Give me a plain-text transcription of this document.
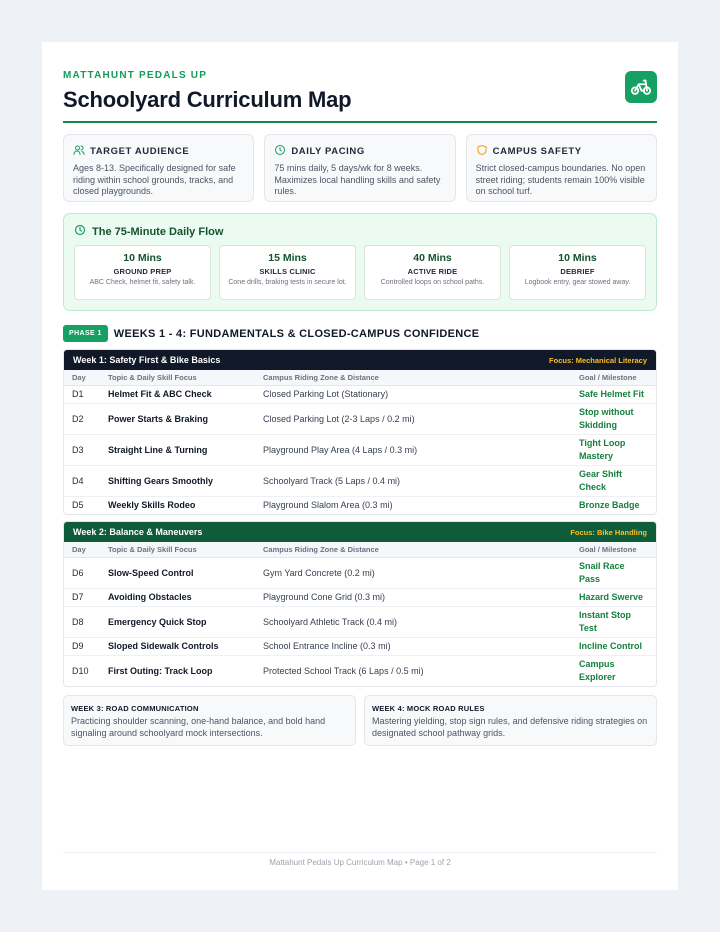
MATTAHUNT PEDALS UP
Schoolyard Curriculum Map
TARGET AUDIENCE
Ages 8-13. Specifically designed for safe riding within school grounds, tracks, and closed playgrounds.
DAILY PACING
75 mins daily, 5 days/wk for 8 weeks. Maximizes local handling skills and safety rules.
CAMPUS SAFETY
Strict closed-campus boundaries. No open street riding; students remain 100% visible on school turf.
The 75-Minute Daily Flow
10 Mins
GROUND PREP
ABC Check, helmet fit, safety talk.
15 Mins
SKILLS CLINIC
Cone drills, braking tests in secure lot.
40 Mins
ACTIVE RIDE
Controlled loops on school paths.
10 Mins
DEBRIEF
Logbook entry, gear stowed away.
PHASE 1	WEEKS 1 - 4: FUNDAMENTALS & CLOSED-CAMPUS CONFIDENCE
Week 1: Safety First & Bike Basics	Focus: Mechanical Literacy
Day	Topic & Daily Skill Focus	Campus Riding Zone & Distance	Goal / Milestone
D1	Helmet Fit & ABC Check	Closed Parking Lot (Stationary)	Safe Helmet Fit
D2	Power Starts & Braking	Closed Parking Lot (2-3 Laps / 0.2 mi)	Stop without Skidding
D3	Straight Line & Turning	Playground Play Area (4 Laps / 0.3 mi)	Tight Loop Mastery
D4	Shifting Gears Smoothly	Schoolyard Track (5 Laps / 0.4 mi)	Gear Shift Check
D5	Weekly Skills Rodeo	Playground Slalom Area (0.3 mi)	Bronze Badge
Week 2: Balance & Maneuvers	Focus: Bike Handling
Day	Topic & Daily Skill Focus	Campus Riding Zone & Distance	Goal / Milestone
D6	Slow-Speed Control	Gym Yard Concrete (0.2 mi)	Snail Race Pass
D7	Avoiding Obstacles	Playground Cone Grid (0.3 mi)	Hazard Swerve
D8	Emergency Quick Stop	Schoolyard Athletic Track (0.4 mi)	Instant Stop Test
D9	Sloped Sidewalk Controls	School Entrance Incline (0.3 mi)	Incline Control
D10	First Outing: Track Loop	Protected School Track (6 Laps / 0.5 mi)	Campus Explorer
WEEK 3: ROAD COMMUNICATION
Practicing shoulder scanning, one-hand balance, and bold hand signaling around schoolyard mock intersections.
WEEK 4: MOCK ROAD RULES
Mastering yielding, stop sign rules, and defensive riding strategies on designated school pathway grids.
Mattahunt Pedals Up Curriculum Map • Page 1 of 2
